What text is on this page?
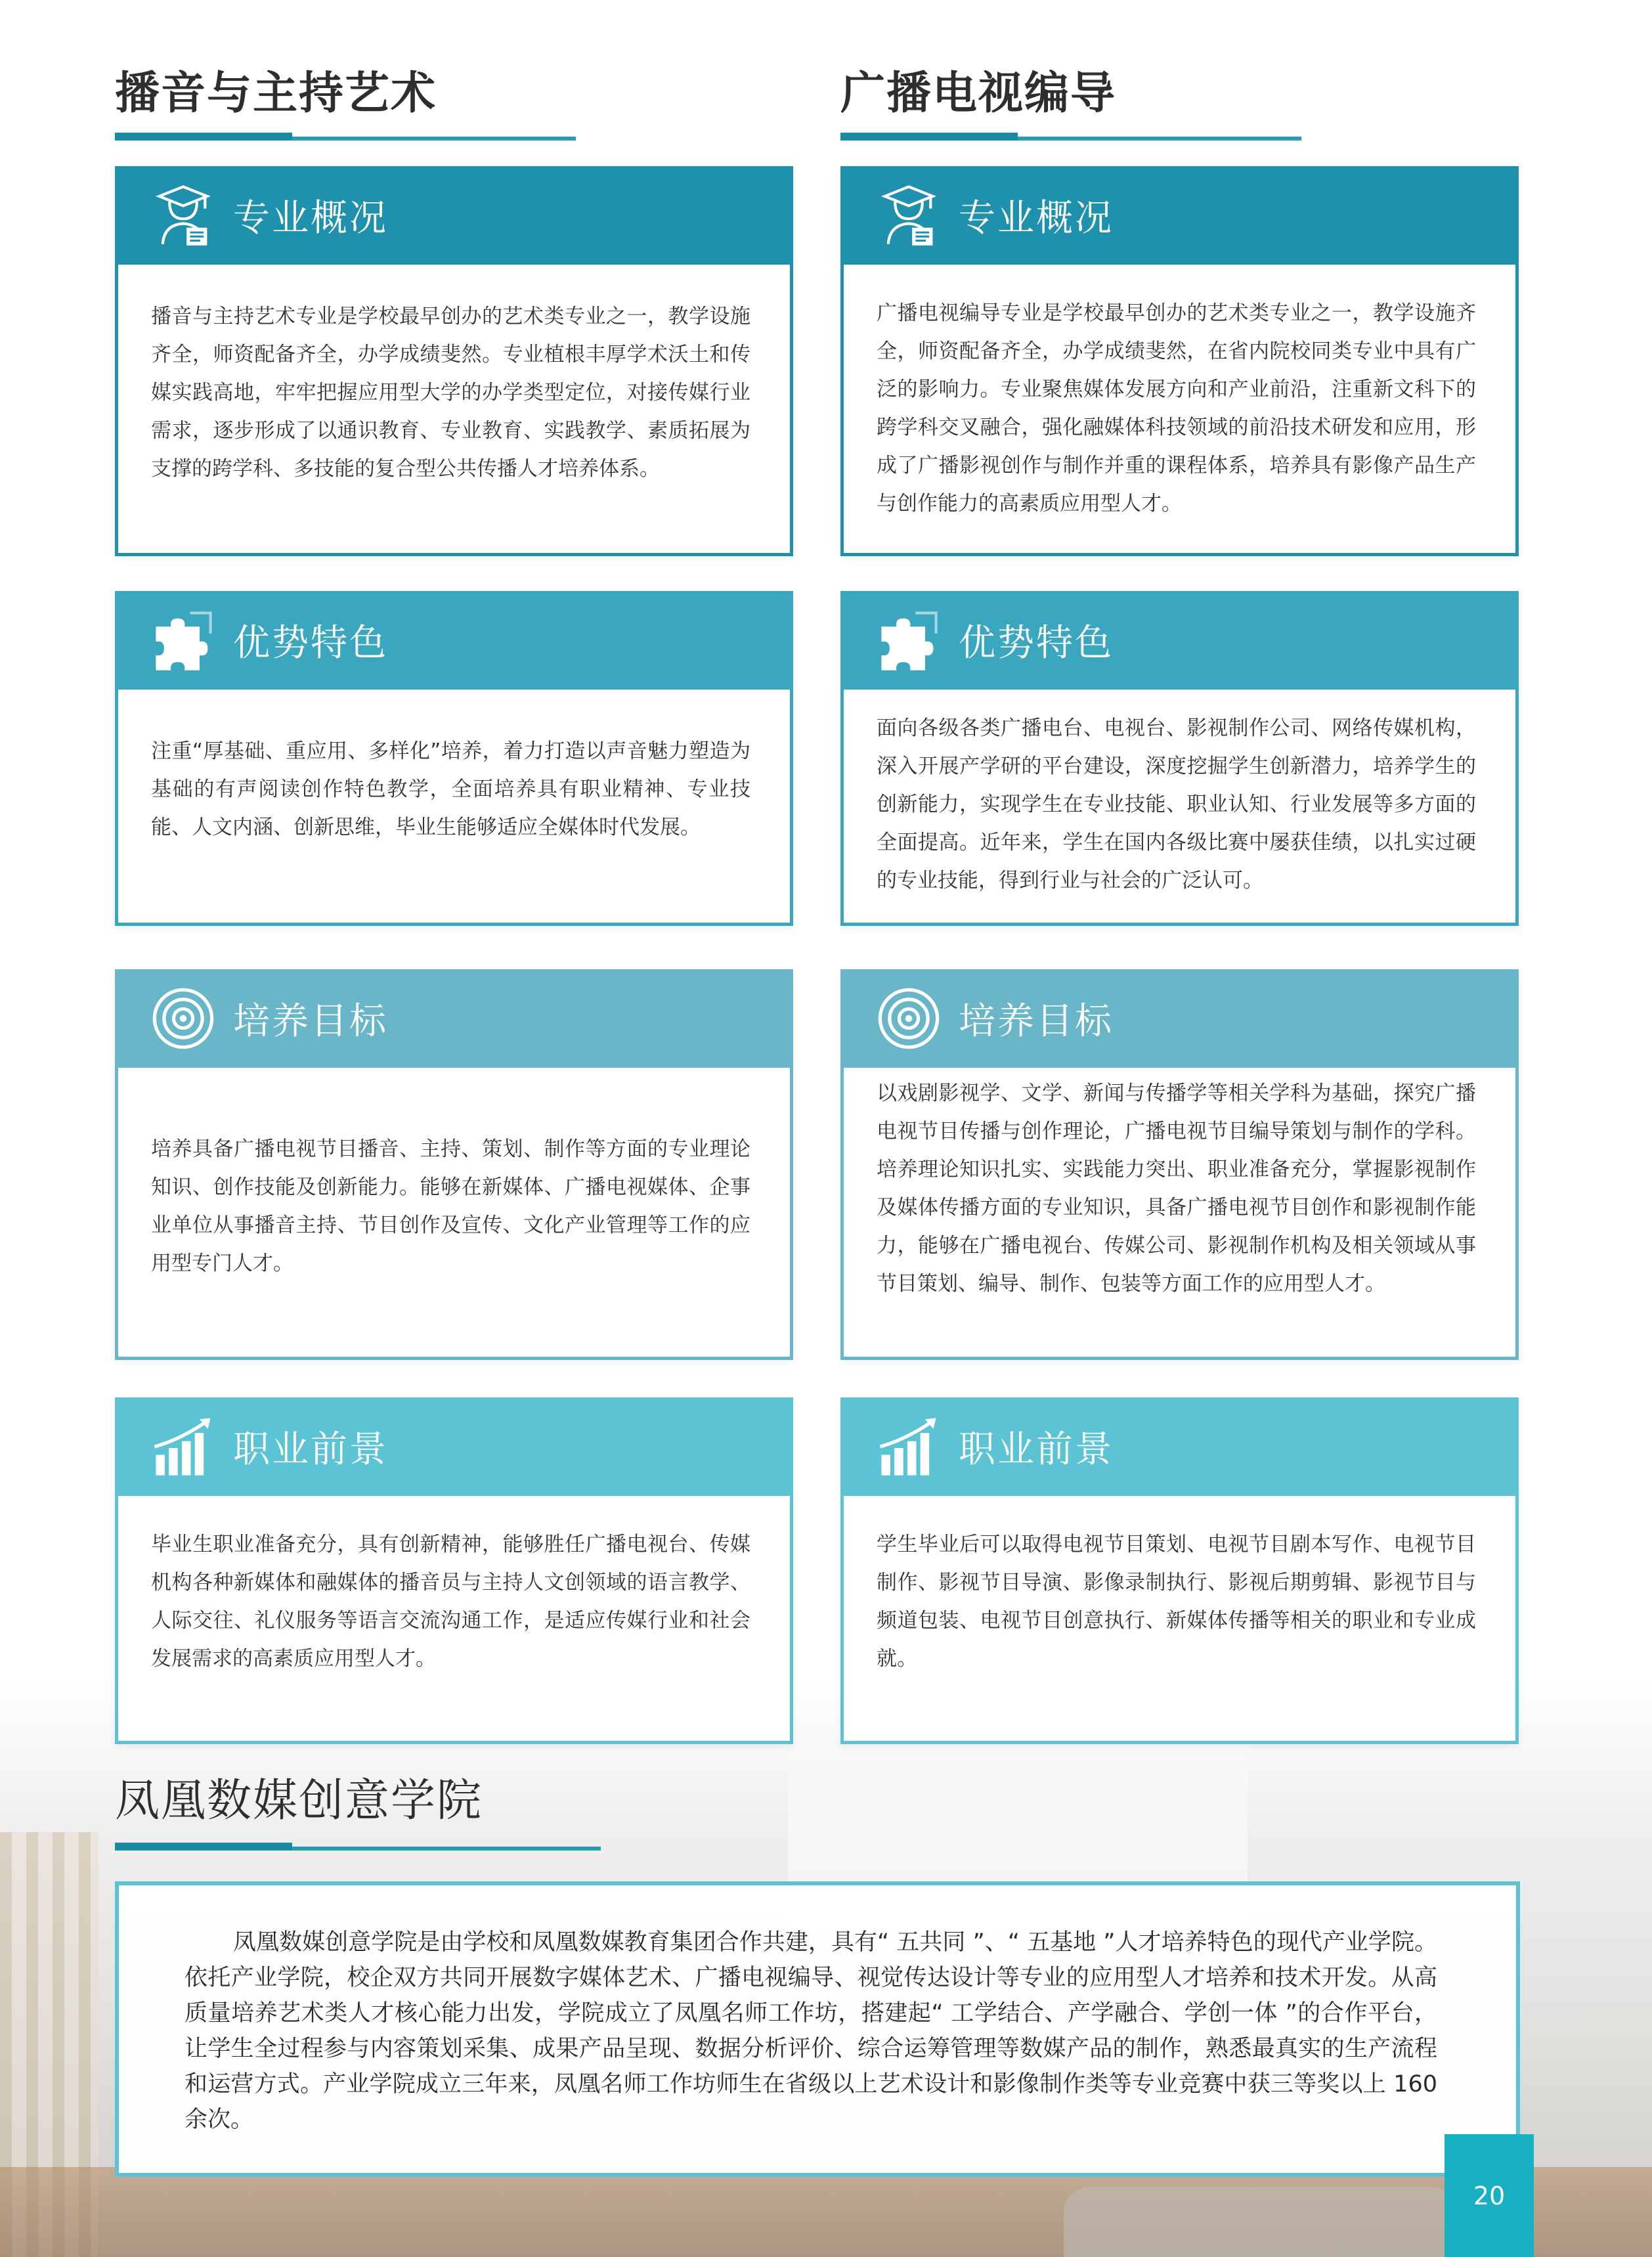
播音与主持艺术
专业概况
播音与主持艺术专业是学校最早创办的艺术类专业之一，教学设施齐全，师资配备齐全，办学成绩斐然。专业植根丰厚学术沃土和传媒实践高地，牢牢把握应用型大学的办学类型定位，对接传媒行业需求，逐步形成了以通识教育、专业教育、实践教学、素质拓展为支撑的跨学科、多技能的复合型公共传播人才培养体系。
优势特色
注重“厚基础、重应用、多样化”培养，着力打造以声音魅力塑造为基础的有声阅读创作特色教学，全面培养具有职业精神、专业技能、人文内涵、创新思维，毕业生能够适应全媒体时代发展。
培养目标
培养具备广播电视节目播音、主持、策划、制作等方面的专业理论知识、创作技能及创新能力。能够在新媒体、广播电视媒体、企事业单位从事播音主持、节目创作及宣传、文化产业管理等工作的应用型专门人才。
职业前景
毕业生职业准备充分，具有创新精神，能够胜任广播电视台、传媒机构各种新媒体和融媒体的播音员与主持人文创领域的语言教学、人际交往、礼仪服务等语言交流沟通工作，是适应传媒行业和社会发展需求的高素质应用型人才。
广播电视编导
专业概况
广播电视编导专业是学校最早创办的艺术类专业之一，教学设施齐全，师资配备齐全，办学成绩斐然，在省内院校同类专业中具有广泛的影响力。专业聚焦媒体发展方向和产业前沿，注重新文科下的跨学科交叉融合，强化融媒体科技领域的前沿技术研发和应用，形成了广播影视创作与制作并重的课程体系，培养具有影像产品生产与创作能力的高素质应用型人才。
优势特色
面向各级各类广播电台、电视台、影视制作公司、网络传媒机构，深入开展产学研的平台建设，深度挖掘学生创新潜力，培养学生的创新能力，实现学生在专业技能、职业认知、行业发展等多方面的全面提高。近年来，学生在国内各级比赛中屡获佳绩，以扎实过硬的专业技能，得到行业与社会的广泛认可。
培养目标
以戏剧影视学、文学、新闻与传播学等相关学科为基础，探究广播电视节目传播与创作理论，广播电视节目编导策划与制作的学科。培养理论知识扎实、实践能力突出、职业准备充分，掌握影视制作及媒体传播方面的专业知识，具备广播电视节目创作和影视制作能力，能够在广播电视台、传媒公司、影视制作机构及相关领域从事节目策划、编导、制作、包装等方面工作的应用型人才。
职业前景
学生毕业后可以取得电视节目策划、电视节目剧本写作、电视节目制作、影视节目导演、影像录制执行、影视后期剪辑、影视节目与频道包装、电视节目创意执行、新媒体传播等相关的职业和专业成就。
凤凰数媒创意学院
凤凰数媒创意学院是由学校和凤凰数媒教育集团合作共建，具有“ 五共同 ”、“ 五基地 ”人才培养特色的现代产业学院。依托产业学院，校企双方共同开展数字媒体艺术、广播电视编导、视觉传达设计等专业的应用型人才培养和技术开发。从高质量培养艺术类人才核心能力出发，学院成立了凤凰名师工作坊，搭建起“ 工学结合、产学融合、学创一体 ”的合作平台，让学生全过程参与内容策划采集、成果产品呈现、数据分析评价、综合运筹管理等数媒产品的制作，熟悉最真实的生产流程和运营方式。产业学院成立三年来，凤凰名师工作坊师生在省级以上艺术设计和影像制作类等专业竞赛中获三等奖以上 160 余次。
20
